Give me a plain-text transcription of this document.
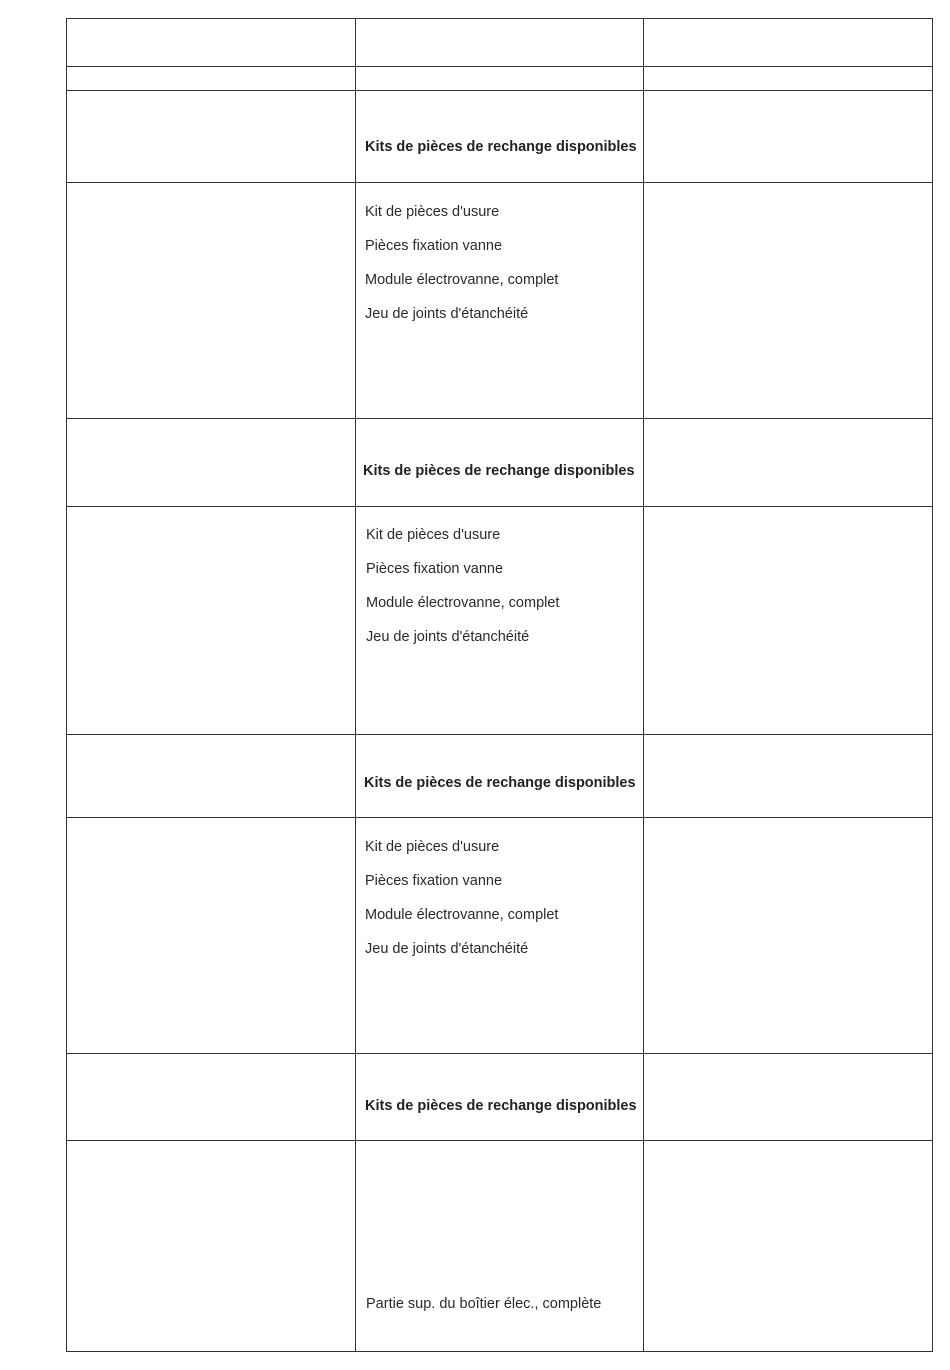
Kits de pièces de rechange disponibles
Kit de pièces d'usure
Pièces fixation vanne
Module électrovanne, complet
Jeu de joints d'étanchéité
Kits de pièces de rechange disponibles
Kit de pièces d'usure
Pièces fixation vanne
Module électrovanne, complet
Jeu de joints d'étanchéité
Kits de pièces de rechange disponibles
Kit de pièces d'usure
Pièces fixation vanne
Module électrovanne, complet
Jeu de joints d'étanchéité
Kits de pièces de rechange disponibles
Partie sup. du boîtier élec., complète
